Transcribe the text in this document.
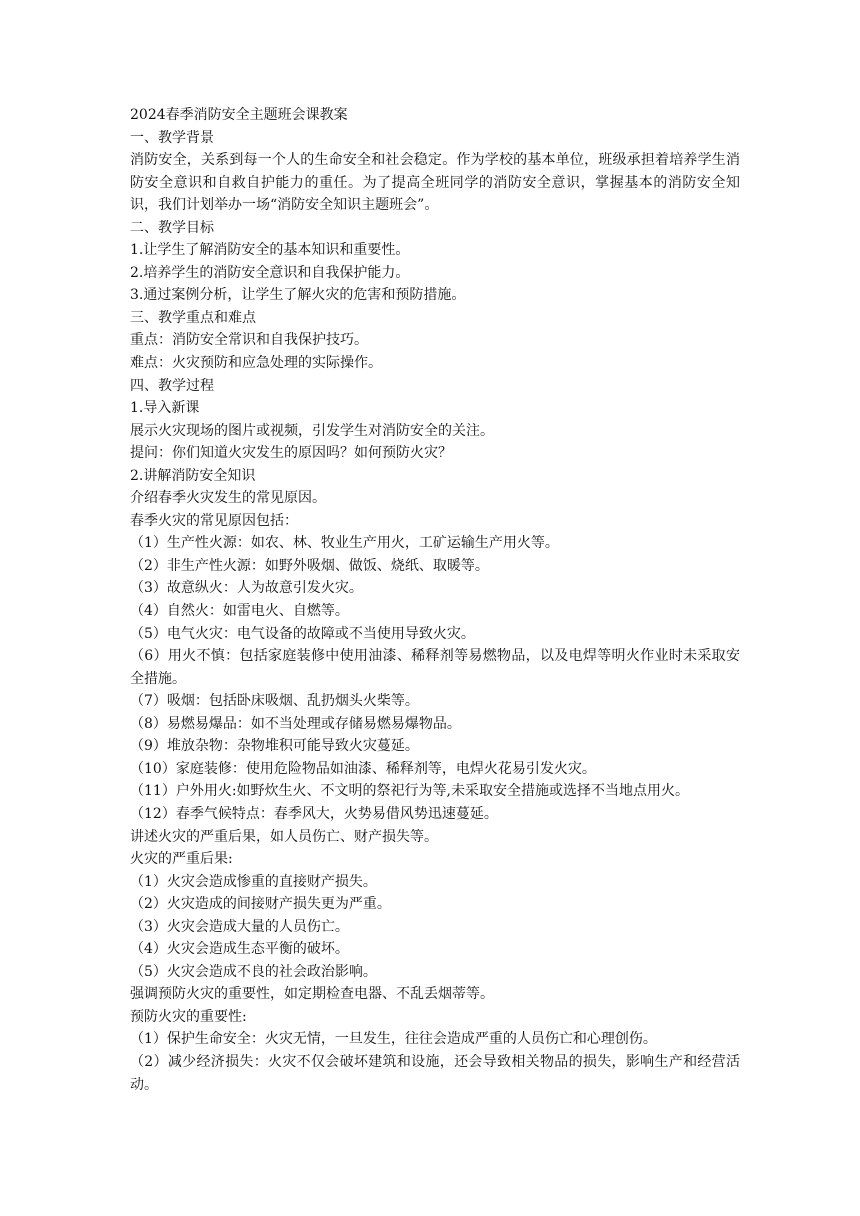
2024春季消防安全主题班会课教案
一、教学背景
消防安全，关系到每一个人的生命安全和社会稳定。作为学校的基本单位，班级承担着培养学生消防安全意识和自救自护能力的重任。为了提高全班同学的消防安全意识，掌握基本的消防安全知识，我们计划举办一场“消防安全知识主题班会”。
二、教学目标
1.让学生了解消防安全的基本知识和重要性。
2.培养学生的消防安全意识和自我保护能力。
3.通过案例分析，让学生了解火灾的危害和预防措施。
三、教学重点和难点
重点：消防安全常识和自我保护技巧。
难点：火灾预防和应急处理的实际操作。
四、教学过程
1.导入新课
展示火灾现场的图片或视频，引发学生对消防安全的关注。
提问：你们知道火灾发生的原因吗？如何预防火灾？
2.讲解消防安全知识
介绍春季火灾发生的常见原因。
春季火灾的常见原因包括：
（1）生产性火源：如农、林、牧业生产用火，工矿运输生产用火等。
（2）非生产性火源：如野外吸烟、做饭、烧纸、取暖等。
（3）故意纵火：人为故意引发火灾。
（4）自然火：如雷电火、自燃等。
（5）电气火灾：电气设备的故障或不当使用导致火灾。
（6）用火不慎：包括家庭装修中使用油漆、稀释剂等易燃物品，以及电焊等明火作业时未采取安全措施。
（7）吸烟：包括卧床吸烟、乱扔烟头火柴等。
（8）易燃易爆品：如不当处理或存储易燃易爆物品。
（9）堆放杂物：杂物堆积可能导致火灾蔓延。
（10）家庭装修：使用危险物品如油漆、稀释剂等，电焊火花易引发火灾。
（11）户外用火:如野炊生火、不文明的祭祀行为等,未采取安全措施或选择不当地点用火。
（12）春季气候特点：春季风大，火势易借风势迅速蔓延。
讲述火灾的严重后果，如人员伤亡、财产损失等。
火灾的严重后果:
（1）火灾会造成惨重的直接财产损失。
（2）火灾造成的间接财产损失更为严重。
（3）火灾会造成大量的人员伤亡。
（4）火灾会造成生态平衡的破坏。
（5）火灾会造成不良的社会政治影响。
强调预防火灾的重要性，如定期检查电器、不乱丢烟蒂等。
预防火灾的重要性:
（1）保护生命安全：火灾无情，一旦发生，往往会造成严重的人员伤亡和心理创伤。
（2）减少经济损失：火灾不仅会破坏建筑和设施，还会导致相关物品的损失，影响生产和经营活动。
